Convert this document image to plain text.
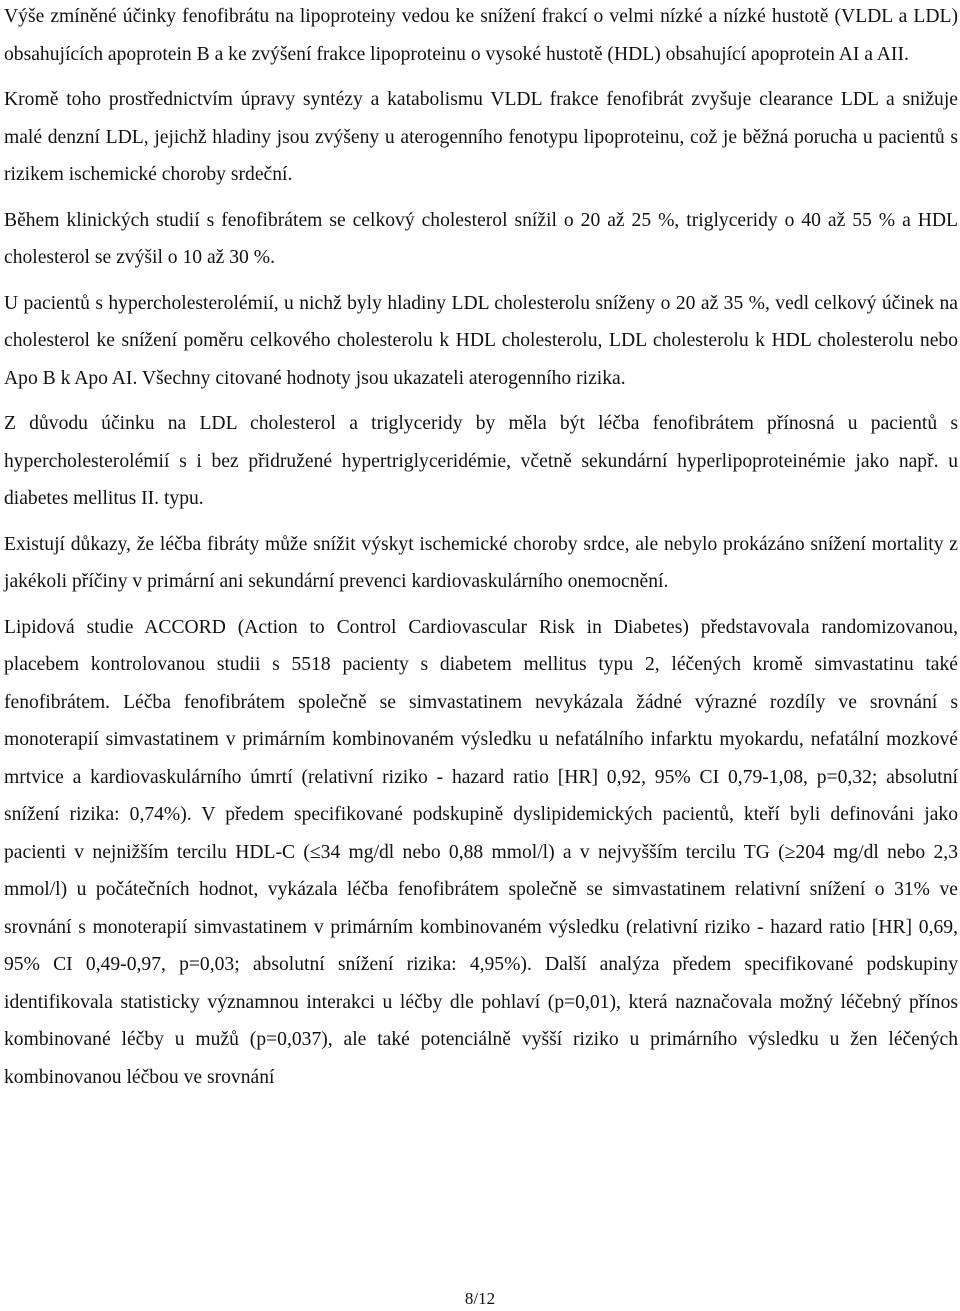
Výše zmíněné účinky fenofibrátu na lipoproteiny vedou ke snížení frakcí o velmi nízké a nízké hustotě (VLDL a LDL) obsahujících apoprotein B a ke zvýšení frakce lipoproteinu o vysoké hustotě (HDL) obsahující apoprotein AI a AII.

Kromě toho prostřednictvím úpravy syntézy a katabolismu VLDL frakce fenofibrát zvyšuje clearance LDL a snižuje malé denzní LDL, jejichž hladiny jsou zvýšeny u aterogenního fenotypu lipoproteinu, což je běžná porucha u pacientů s rizikem ischemické choroby srdeční.

Během klinických studií s fenofibrátem se celkový cholesterol snížil o 20 až 25 %, triglyceridy o 40 až 55 % a HDL cholesterol se zvýšil o 10 až 30 %.

U pacientů s hypercholesterolémií, u nichž byly hladiny LDL cholesterolu sníženy o 20 až 35 %, vedl celkový účinek na cholesterol ke snížení poměru celkového cholesterolu k HDL cholesterolu, LDL cholesterolu k HDL cholesterolu nebo Apo B k Apo AI. Všechny citované hodnoty jsou ukazateli aterogenního rizika.

Z důvodu účinku na LDL cholesterol a triglyceridy by měla být léčba fenofibrátem přínosná u pacientů s hypercholesterolémií s i bez přidružené hypertriglyceridémie, včetně sekundární hyperlipoproteinémie jako např. u diabetes mellitus II. typu.

Existují důkazy, že léčba fibráty může snížit výskyt ischemické choroby srdce, ale nebylo prokázáno snížení mortality z jakékoli příčiny v primární ani sekundární prevenci kardiovaskulárního onemocnění.

Lipidová studie ACCORD (Action to Control Cardiovascular Risk in Diabetes) představovala randomizovanou, placebem kontrolovanou studii s 5518 pacienty s diabetem mellitus typu 2, léčených kromě simvastatinu také fenofibrátem. Léčba fenofibrátem společně se simvastatinem nevykázala žádné výrazné rozdíly ve srovnání s monoterapií simvastatinem v primárním kombinovaném výsledku u nefatálního infarktu myokardu, nefatální mozkové mrtvice a kardiovaskulárního úmrtí (relativní riziko - hazard ratio [HR] 0,92, 95% CI 0,79-1,08, p=0,32; absolutní snížení rizika: 0,74%). V předem specifikované podskupině dyslipidemických pacientů, kteří byli definováni jako pacienti v nejnižším tercilu HDL-C (≤34 mg/dl nebo 0,88 mmol/l) a v nejvyšším tercilu TG (≥204 mg/dl nebo 2,3 mmol/l) u počátečních hodnot, vykázala léčba fenofibrátem společně se simvastatinem relativní snížení o 31% ve srovnání s monoterapií simvastatinem v primárním kombinovaném výsledku (relativní riziko - hazard ratio [HR] 0,69, 95% CI 0,49-0,97, p=0,03; absolutní snížení rizika: 4,95%). Další analýza předem specifikované podskupiny identifikovala statisticky významnou interakci u léčby dle pohlaví (p=0,01), která naznačovala možný léčebný přínos kombinované léčby u mužů (p=0,037), ale také potenciálně vyšší riziko u primárního výsledku u žen léčených kombinovanou léčbou ve srovnání

8/12
